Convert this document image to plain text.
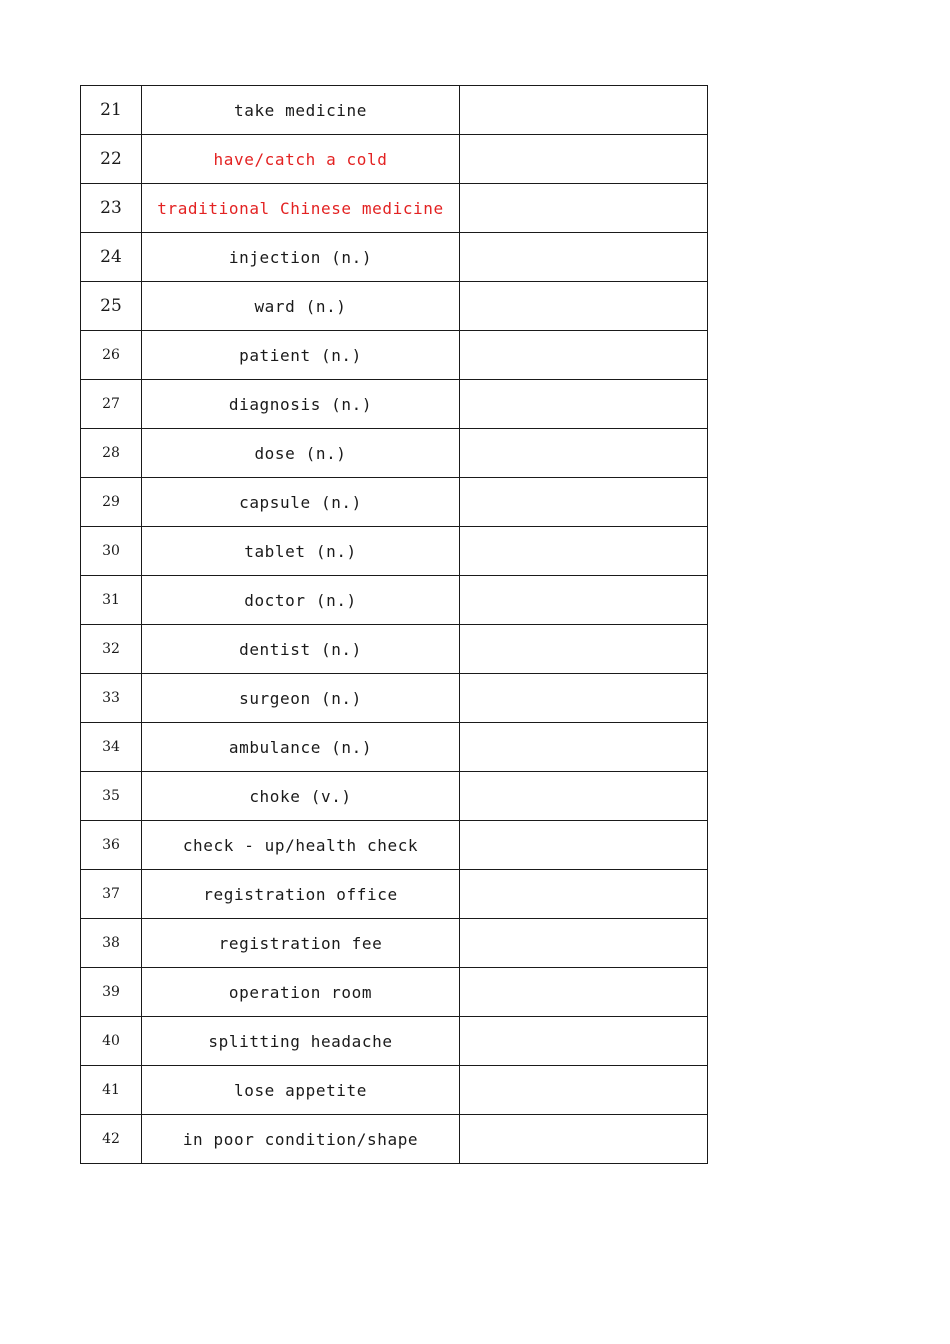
21	take medicine	
22	have/catch a cold	
23	traditional Chinese medicine	
24	injection (n.)	
25	ward (n.)	
26	patient (n.)	
27	diagnosis (n.)	
28	dose (n.)	
29	capsule (n.)	
30	tablet (n.)	
31	doctor (n.)	
32	dentist (n.)	
33	surgeon (n.)	
34	ambulance (n.)	
35	choke (v.)	
36	check - up/health check	
37	registration office	
38	registration fee	
39	operation room	
40	splitting headache	
41	lose appetite	
42	in poor condition/shape	
